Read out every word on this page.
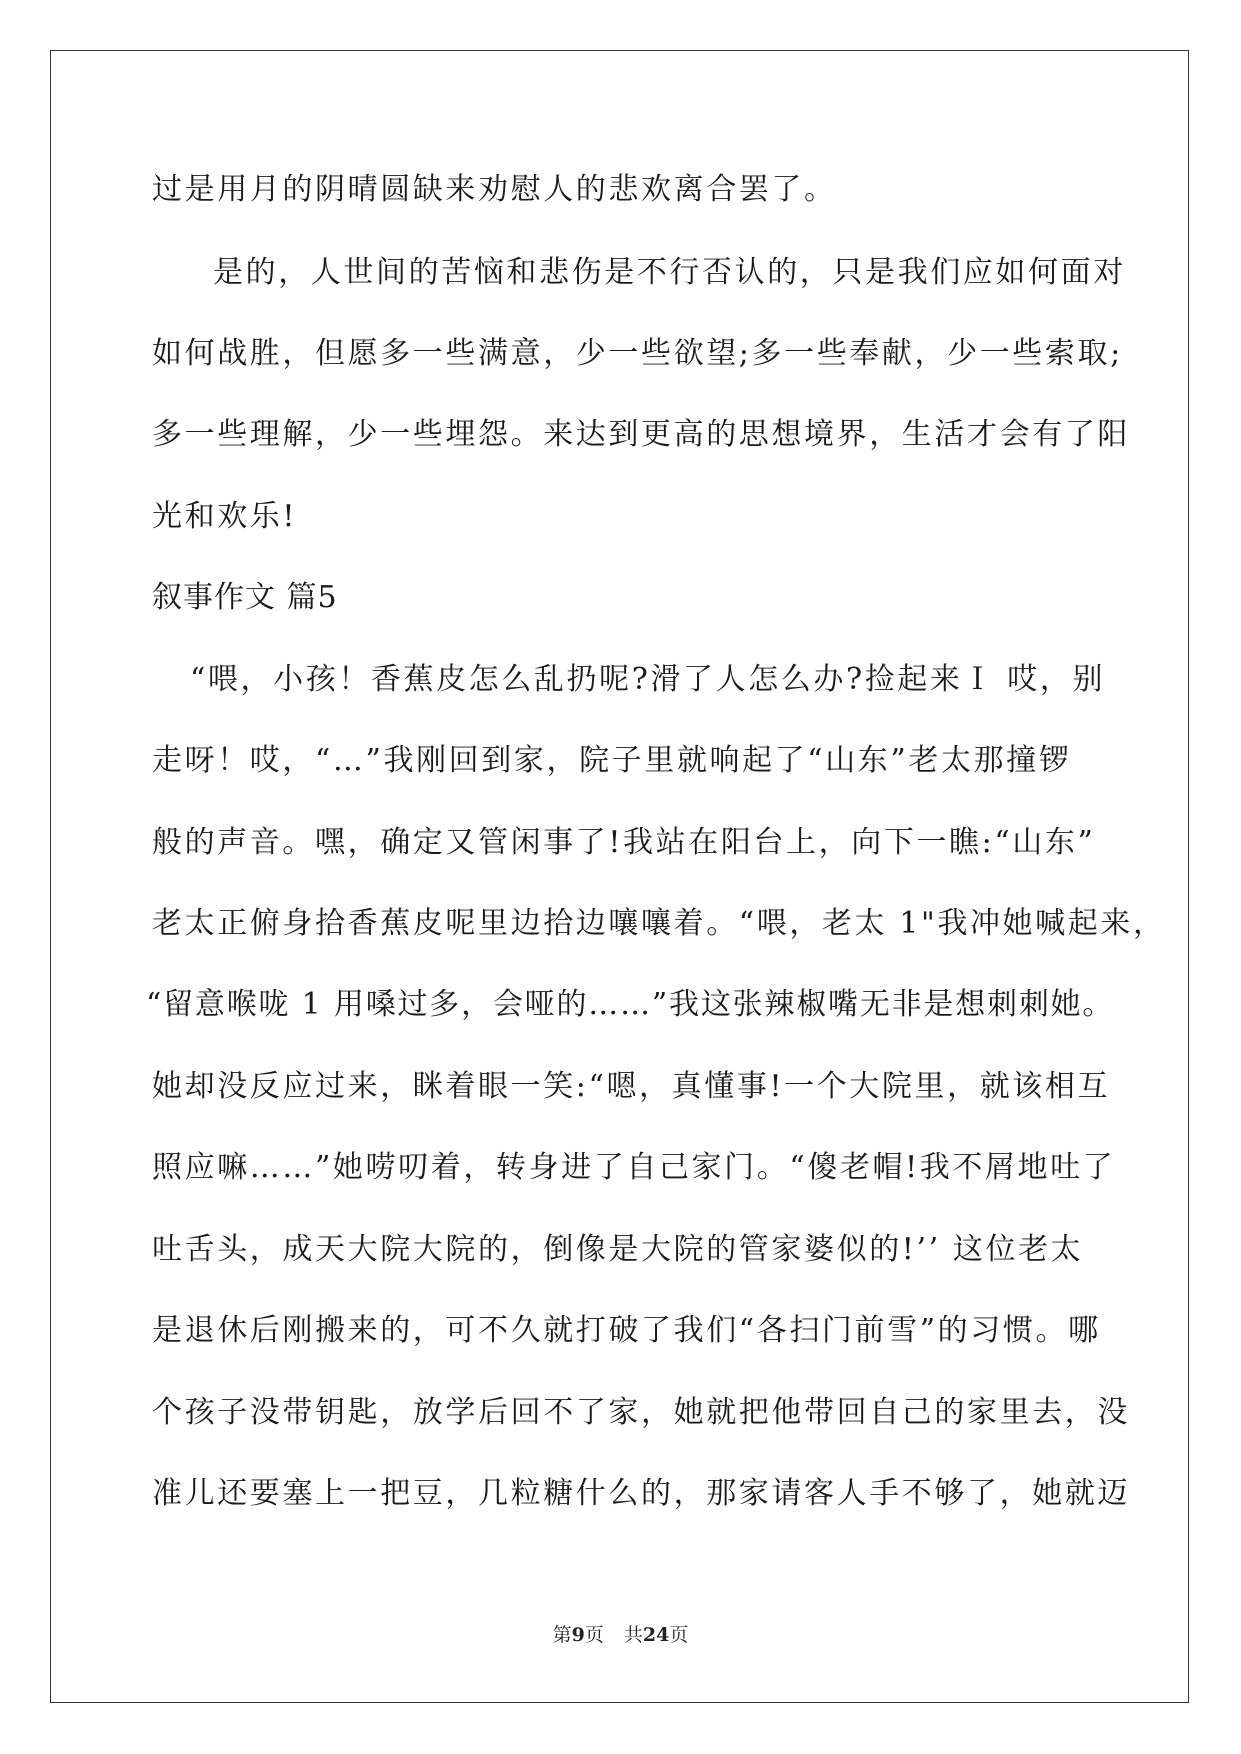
过是用月的阴晴圆缺来劝慰人的悲欢离合罢了。
是的，人世间的苦恼和悲伤是不行否认的，只是我们应如何面对
如何战胜，但愿多一些满意，少一些欲望;多一些奉献，少一些索取;
多一些理解，少一些埋怨。来达到更高的思想境界，生活才会有了阳
光和欢乐!
叙事作文 篇5
“喂，小孩！香蕉皮怎么乱扔呢?滑了人怎么办?捡起来Ｉ 哎，别
走呀！哎，“…”我刚回到家，院子里就响起了“山东”老太那撞锣
般的声音。嘿，确定又管闲事了!我站在阳台上，向下一瞧:“山东”
老太正俯身拾香蕉皮呢里边拾边嚷嚷着。“喂，老太 1"我冲她喊起来，
“留意喉咙 1 用嗓过多，会哑的……”我这张辣椒嘴无非是想刺刺她。
她却没反应过来，眯着眼一笑:“嗯，真懂事!一个大院里，就该相互
照应嘛……”她唠叨着，转身进了自己家门。“傻老帽!我不屑地吐了
吐舌头，成天大院大院的，倒像是大院的管家婆似的!’’ 这位老太
是退休后刚搬来的，可不久就打破了我们“各扫门前雪”的习惯。哪
个孩子没带钥匙，放学后回不了家，她就把他带回自己的家里去，没
准儿还要塞上一把豆，几粒糖什么的，那家请客人手不够了，她就迈
第9页 共24页
